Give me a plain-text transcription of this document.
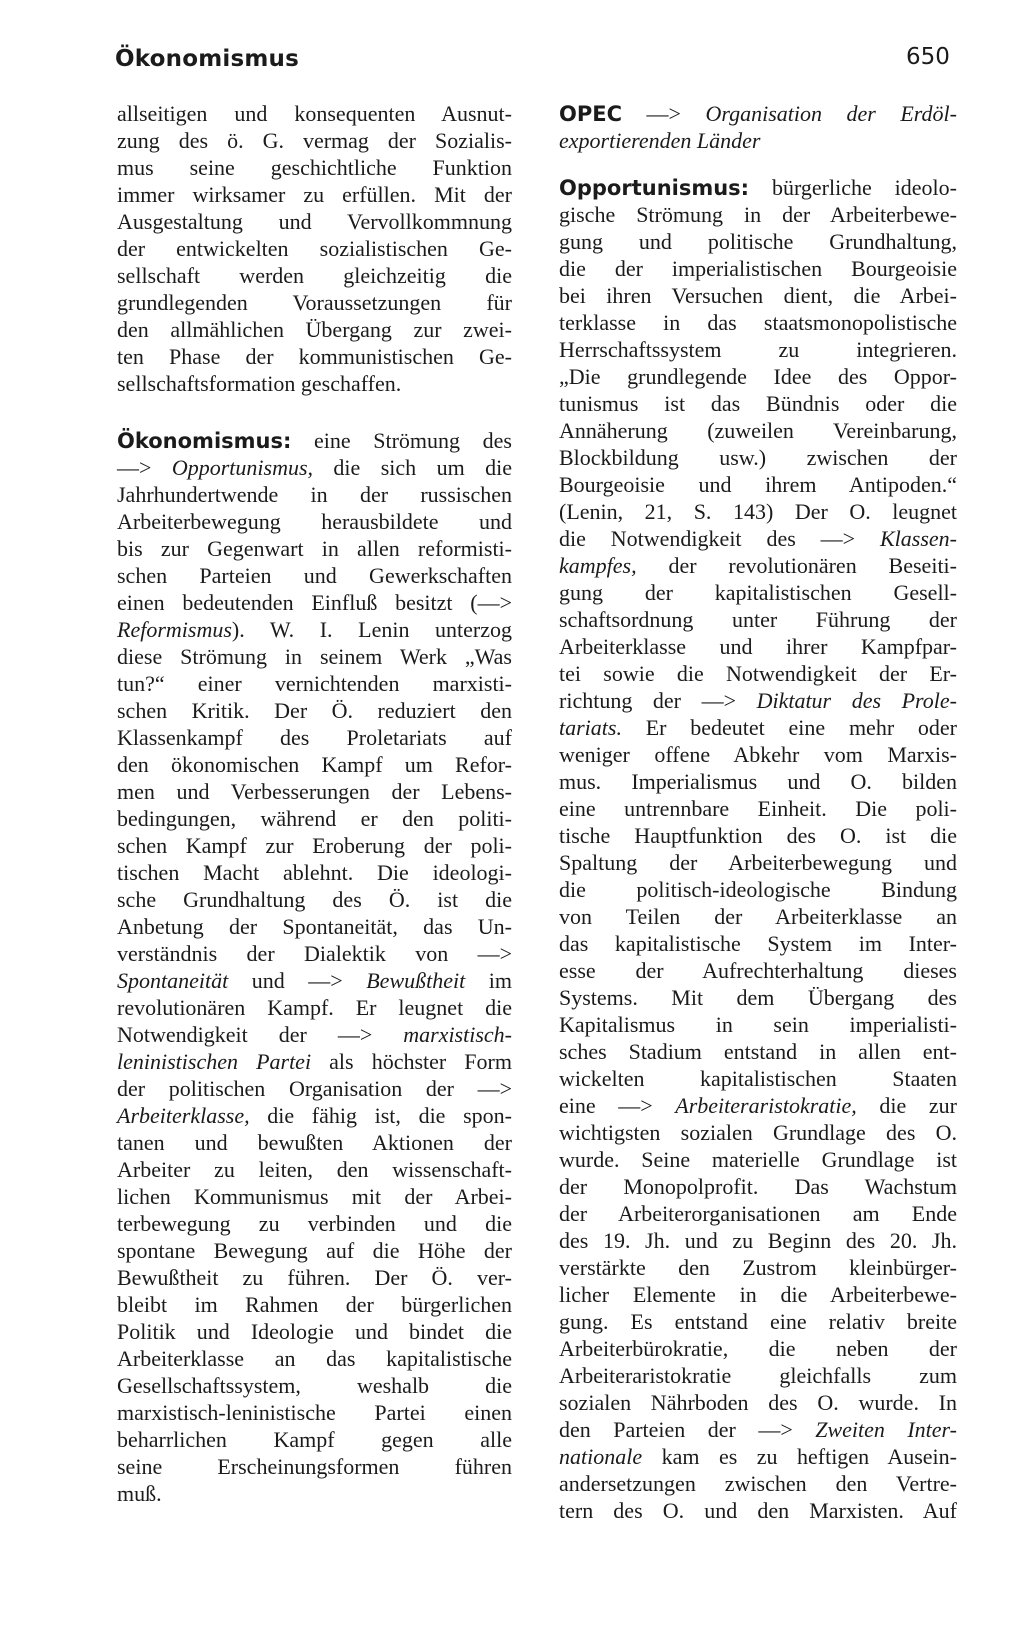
Ökonomismus	650
allseitigen und konsequenten Ausnut-
zung des ö. G. vermag der Sozialis-
mus seine geschichtliche Funktion
immer wirksamer zu erfüllen. Mit der
Ausgestaltung und Vervollkommnung
der entwickelten sozialistischen Ge-
sellschaft werden gleichzeitig die
grundlegenden Voraussetzungen für
den allmählichen Übergang zur zwei-
ten Phase der kommunistischen Ge-
sellschaftsformation geschaffen.
Ökonomismus: eine Strömung des
—> Opportunismus, die sich um die
Jahrhundertwende in der russischen
Arbeiterbewegung herausbildete und
bis zur Gegenwart in allen reformisti-
schen Parteien und Gewerkschaften
einen bedeutenden Einfluß besitzt (—>
Reformismus). W. I. Lenin unterzog
diese Strömung in seinem Werk „Was
tun?“ einer vernichtenden marxisti-
schen Kritik. Der Ö. reduziert den
Klassenkampf des Proletariats auf
den ökonomischen Kampf um Refor-
men und Verbesserungen der Lebens-
bedingungen, während er den politi-
schen Kampf zur Eroberung der poli-
tischen Macht ablehnt. Die ideologi-
sche Grundhaltung des Ö. ist die
Anbetung der Spontaneität, das Un-
verständnis der Dialektik von —>
Spontaneität und —> Bewußtheit im
revolutionären Kampf. Er leugnet die
Notwendigkeit der —> marxistisch-
leninistischen Partei als höchster Form
der politischen Organisation der —>
Arbeiterklasse, die fähig ist, die spon-
tanen und bewußten Aktionen der
Arbeiter zu leiten, den wissenschaft-
lichen Kommunismus mit der Arbei-
terbewegung zu verbinden und die
spontane Bewegung auf die Höhe der
Bewußtheit zu führen. Der Ö. ver-
bleibt im Rahmen der bürgerlichen
Politik und Ideologie und bindet die
Arbeiterklasse an das kapitalistische
Gesellschaftssystem, weshalb die
marxistisch-leninistische Partei einen
beharrlichen Kampf gegen alle
seine Erscheinungsformen führen
muß.
OPEC —> Organisation der Erdöl-
exportierenden Länder
Opportunismus: bürgerliche ideolo-
gische Strömung in der Arbeiterbewe-
gung und politische Grundhaltung,
die der imperialistischen Bourgeoisie
bei ihren Versuchen dient, die Arbei-
terklasse in das staatsmonopolistische
Herrschaftssystem zu integrieren.
„Die grundlegende Idee des Oppor-
tunismus ist das Bündnis oder die
Annäherung (zuweilen Vereinbarung,
Blockbildung usw.) zwischen der
Bourgeoisie und ihrem Antipoden.“
(Lenin, 21, S. 143) Der O. leugnet
die Notwendigkeit des —> Klassen-
kampfes, der revolutionären Beseiti-
gung der kapitalistischen Gesell-
schaftsordnung unter Führung der
Arbeiterklasse und ihrer Kampfpar-
tei sowie die Notwendigkeit der Er-
richtung der —> Diktatur des Prole-
tariats. Er bedeutet eine mehr oder
weniger offene Abkehr vom Marxis-
mus. Imperialismus und O. bilden
eine untrennbare Einheit. Die poli-
tische Hauptfunktion des O. ist die
Spaltung der Arbeiterbewegung und
die politisch-ideologische Bindung
von Teilen der Arbeiterklasse an
das kapitalistische System im Inter-
esse der Aufrechterhaltung dieses
Systems. Mit dem Übergang des
Kapitalismus in sein imperialisti-
sches Stadium entstand in allen ent-
wickelten kapitalistischen Staaten
eine —> Arbeiteraristokratie, die zur
wichtigsten sozialen Grundlage des O.
wurde. Seine materielle Grundlage ist
der Monopolprofit. Das Wachstum
der Arbeiterorganisationen am Ende
des 19. Jh. und zu Beginn des 20. Jh.
verstärkte den Zustrom kleinbürger-
licher Elemente in die Arbeiterbewe-
gung. Es entstand eine relativ breite
Arbeiterbürokratie, die neben der
Arbeiteraristokratie gleichfalls zum
sozialen Nährboden des O. wurde. In
den Parteien der —> Zweiten Inter-
nationale kam es zu heftigen Ausein-
andersetzungen zwischen den Vertre-
tern des O. und den Marxisten. Auf
